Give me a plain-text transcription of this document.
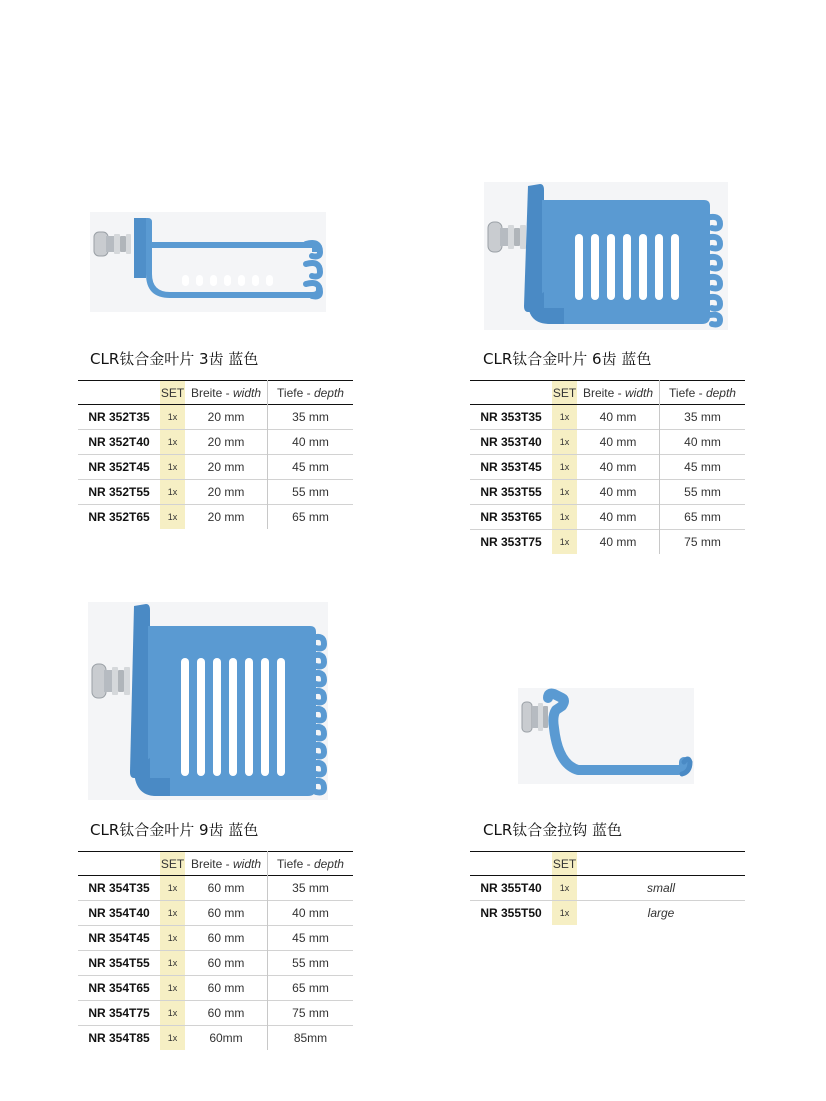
CLR钛合金叶片 3齿 蓝色
	SET	Breite - width	Tiefe - depth
NR 352T35	1x	20 mm	35 mm
NR 352T40	1x	20 mm	40 mm
NR 352T45	1x	20 mm	45 mm
NR 352T55	1x	20 mm	55 mm
NR 352T65	1x	20 mm	65 mm
CLR钛合金叶片 6齿 蓝色
	SET	Breite - width	Tiefe - depth
NR 353T35	1x	40 mm	35 mm
NR 353T40	1x	40 mm	40 mm
NR 353T45	1x	40 mm	45 mm
NR 353T55	1x	40 mm	55 mm
NR 353T65	1x	40 mm	65 mm
NR 353T75	1x	40 mm	75 mm
CLR钛合金叶片 9齿 蓝色
	SET	Breite - width	Tiefe - depth
NR 354T35	1x	60 mm	35 mm
NR 354T40	1x	60 mm	40 mm
NR 354T45	1x	60 mm	45 mm
NR 354T55	1x	60 mm	55 mm
NR 354T65	1x	60 mm	65 mm
NR 354T75	1x	60 mm	75 mm
NR 354T85	1x	60mm	85mm
CLR钛合金拉钩 蓝色
	SET	
NR 355T40	1x	small
NR 355T50	1x	large
